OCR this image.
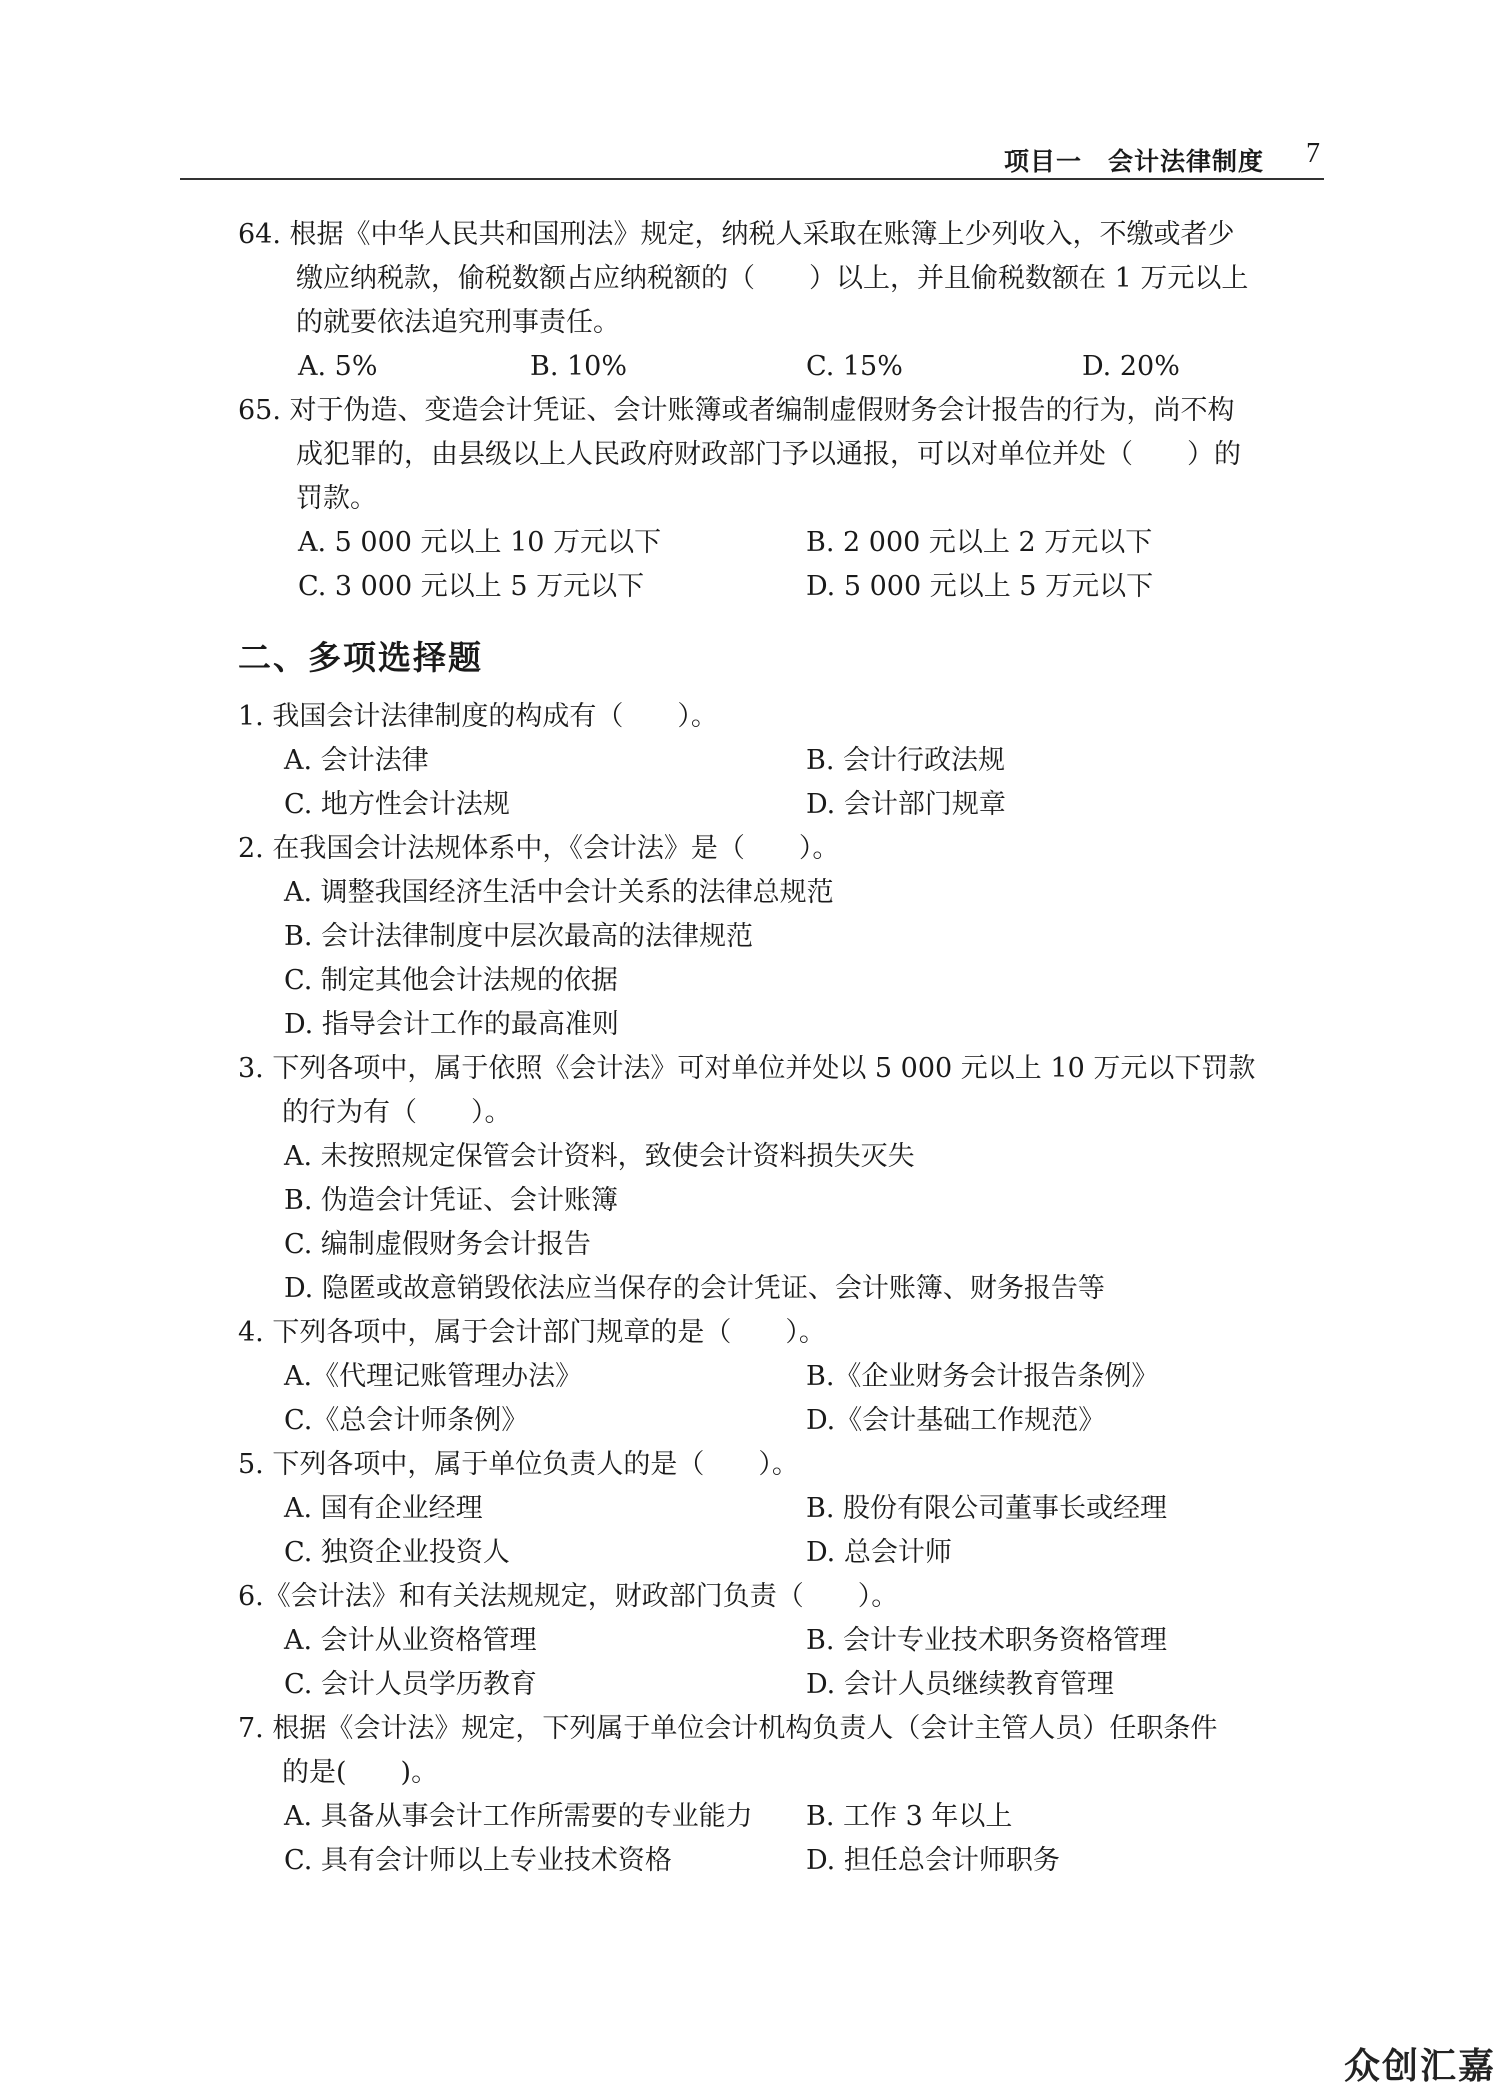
项目一　会计法律制度 7
64. 根据《中华人民共和国刑法》规定，纳税人采取在账簿上少列收入，不缴或者少
缴应纳税款，偷税数额占应纳税额的（　　）以上，并且偷税数额在 1 万元以上
的就要依法追究刑事责任。
A. 5%	B. 10%	C. 15%	D. 20%
65. 对于伪造、变造会计凭证、会计账簿或者编制虚假财务会计报告的行为，尚不构
成犯罪的，由县级以上人民政府财政部门予以通报，可以对单位并处（　　）的
罚款。
A. 5 000 元以上 10 万元以下	B. 2 000 元以上 2 万元以下
C. 3 000 元以上 5 万元以下	D. 5 000 元以上 5 万元以下
二、多项选择题
1. 我国会计法律制度的构成有（　　）。
A. 会计法律	B. 会计行政法规
C. 地方性会计法规	D. 会计部门规章
2. 在我国会计法规体系中，《会计法》是（　　）。
A. 调整我国经济生活中会计关系的法律总规范
B. 会计法律制度中层次最高的法律规范
C. 制定其他会计法规的依据
D. 指导会计工作的最高准则
3. 下列各项中，属于依照《会计法》可对单位并处以 5 000 元以上 10 万元以下罚款
的行为有（　　）。
A. 未按照规定保管会计资料，致使会计资料损失灭失
B. 伪造会计凭证、会计账簿
C. 编制虚假财务会计报告
D. 隐匿或故意销毁依法应当保存的会计凭证、会计账簿、财务报告等
4. 下列各项中，属于会计部门规章的是（　　）。
A.《代理记账管理办法》	B.《企业财务会计报告条例》
C.《总会计师条例》	D.《会计基础工作规范》
5. 下列各项中，属于单位负责人的是（　　）。
A. 国有企业经理	B. 股份有限公司董事长或经理
C. 独资企业投资人	D. 总会计师
6.《会计法》和有关法规规定，财政部门负责（　　）。
A. 会计从业资格管理	B. 会计专业技术职务资格管理
C. 会计人员学历教育	D. 会计人员继续教育管理
7. 根据《会计法》规定，下列属于单位会计机构负责人（会计主管人员）任职条件
的是(　　)。
A. 具备从事会计工作所需要的专业能力 B. 工作 3 年以上
C. 具有会计师以上专业技术资格	D. 担任总会计师职务
众创汇嘉
